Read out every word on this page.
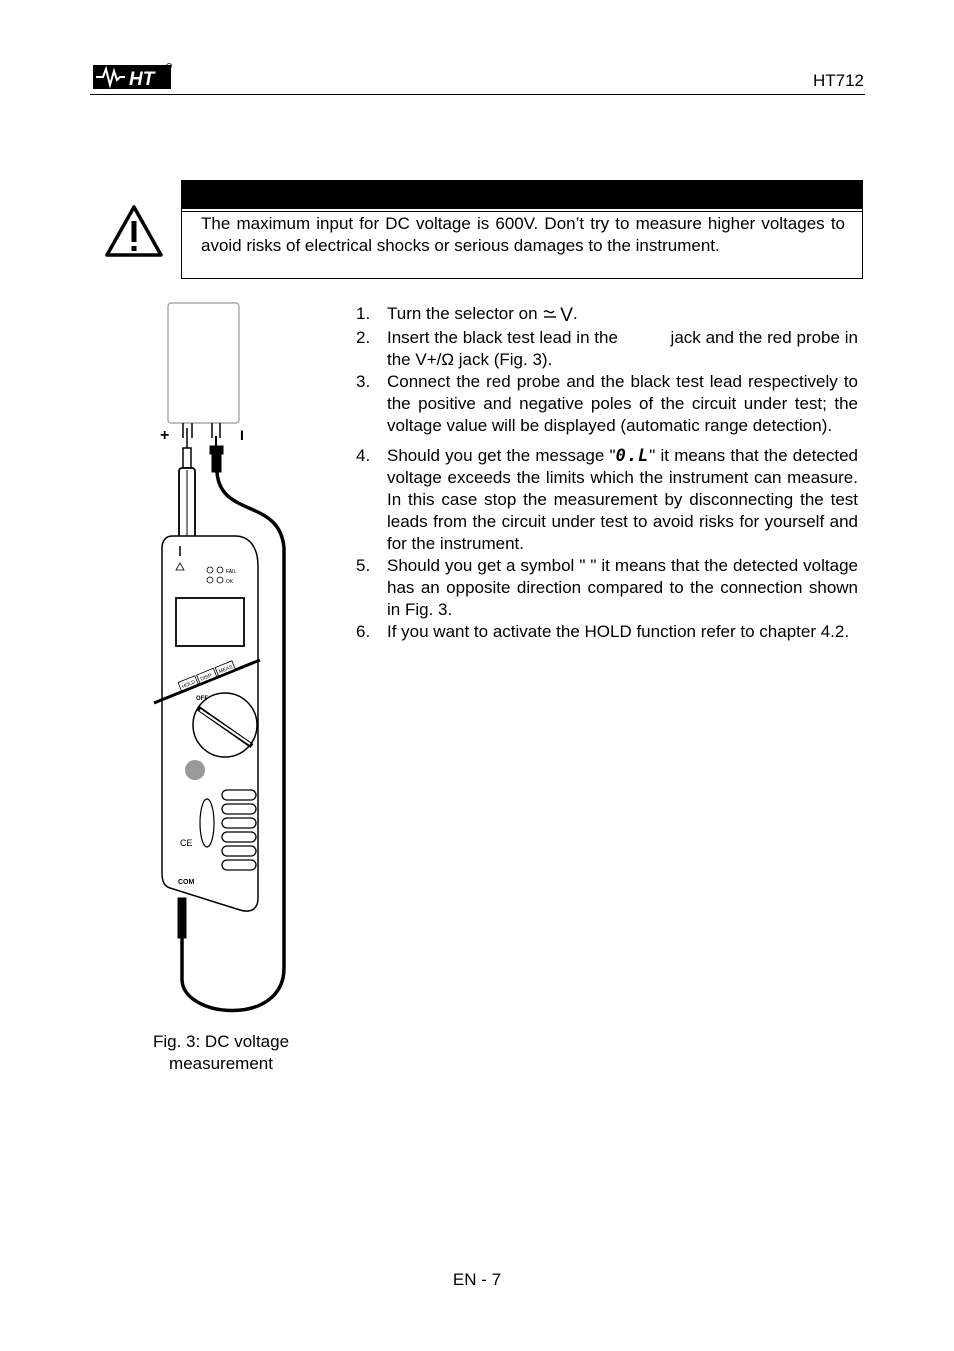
HT	HT712
The maximum input for DC voltage is 600V. Don’t try to measure higher voltages to avoid risks of electrical shocks or serious damages to the instrument.
+	I
FAIL
OK
HOLD
DISP
MEAS
OFF
CE
COM
Fig. 3: DC voltage
measurement
1. Turn the selector on V.
2. Insert the black test lead in the           jack and the red probe in the V+/Ω jack (Fig. 3).
3. Connect the red probe and the black test lead respectively to the positive and negative poles of the circuit under test; the voltage value will be displayed (automatic range detection).
4. Should you get the message "0.L" it means that the detected voltage exceeds the limits which the instrument can measure. In this case stop the measurement by disconnecting the test leads from the circuit under test to avoid risks for yourself and for the instrument.
5. Should you get a symbol " " it means that the detected voltage has an opposite direction compared to the connection shown in Fig. 3.
6. If you want to activate the HOLD function refer to chapter 4.2.
EN - 7
